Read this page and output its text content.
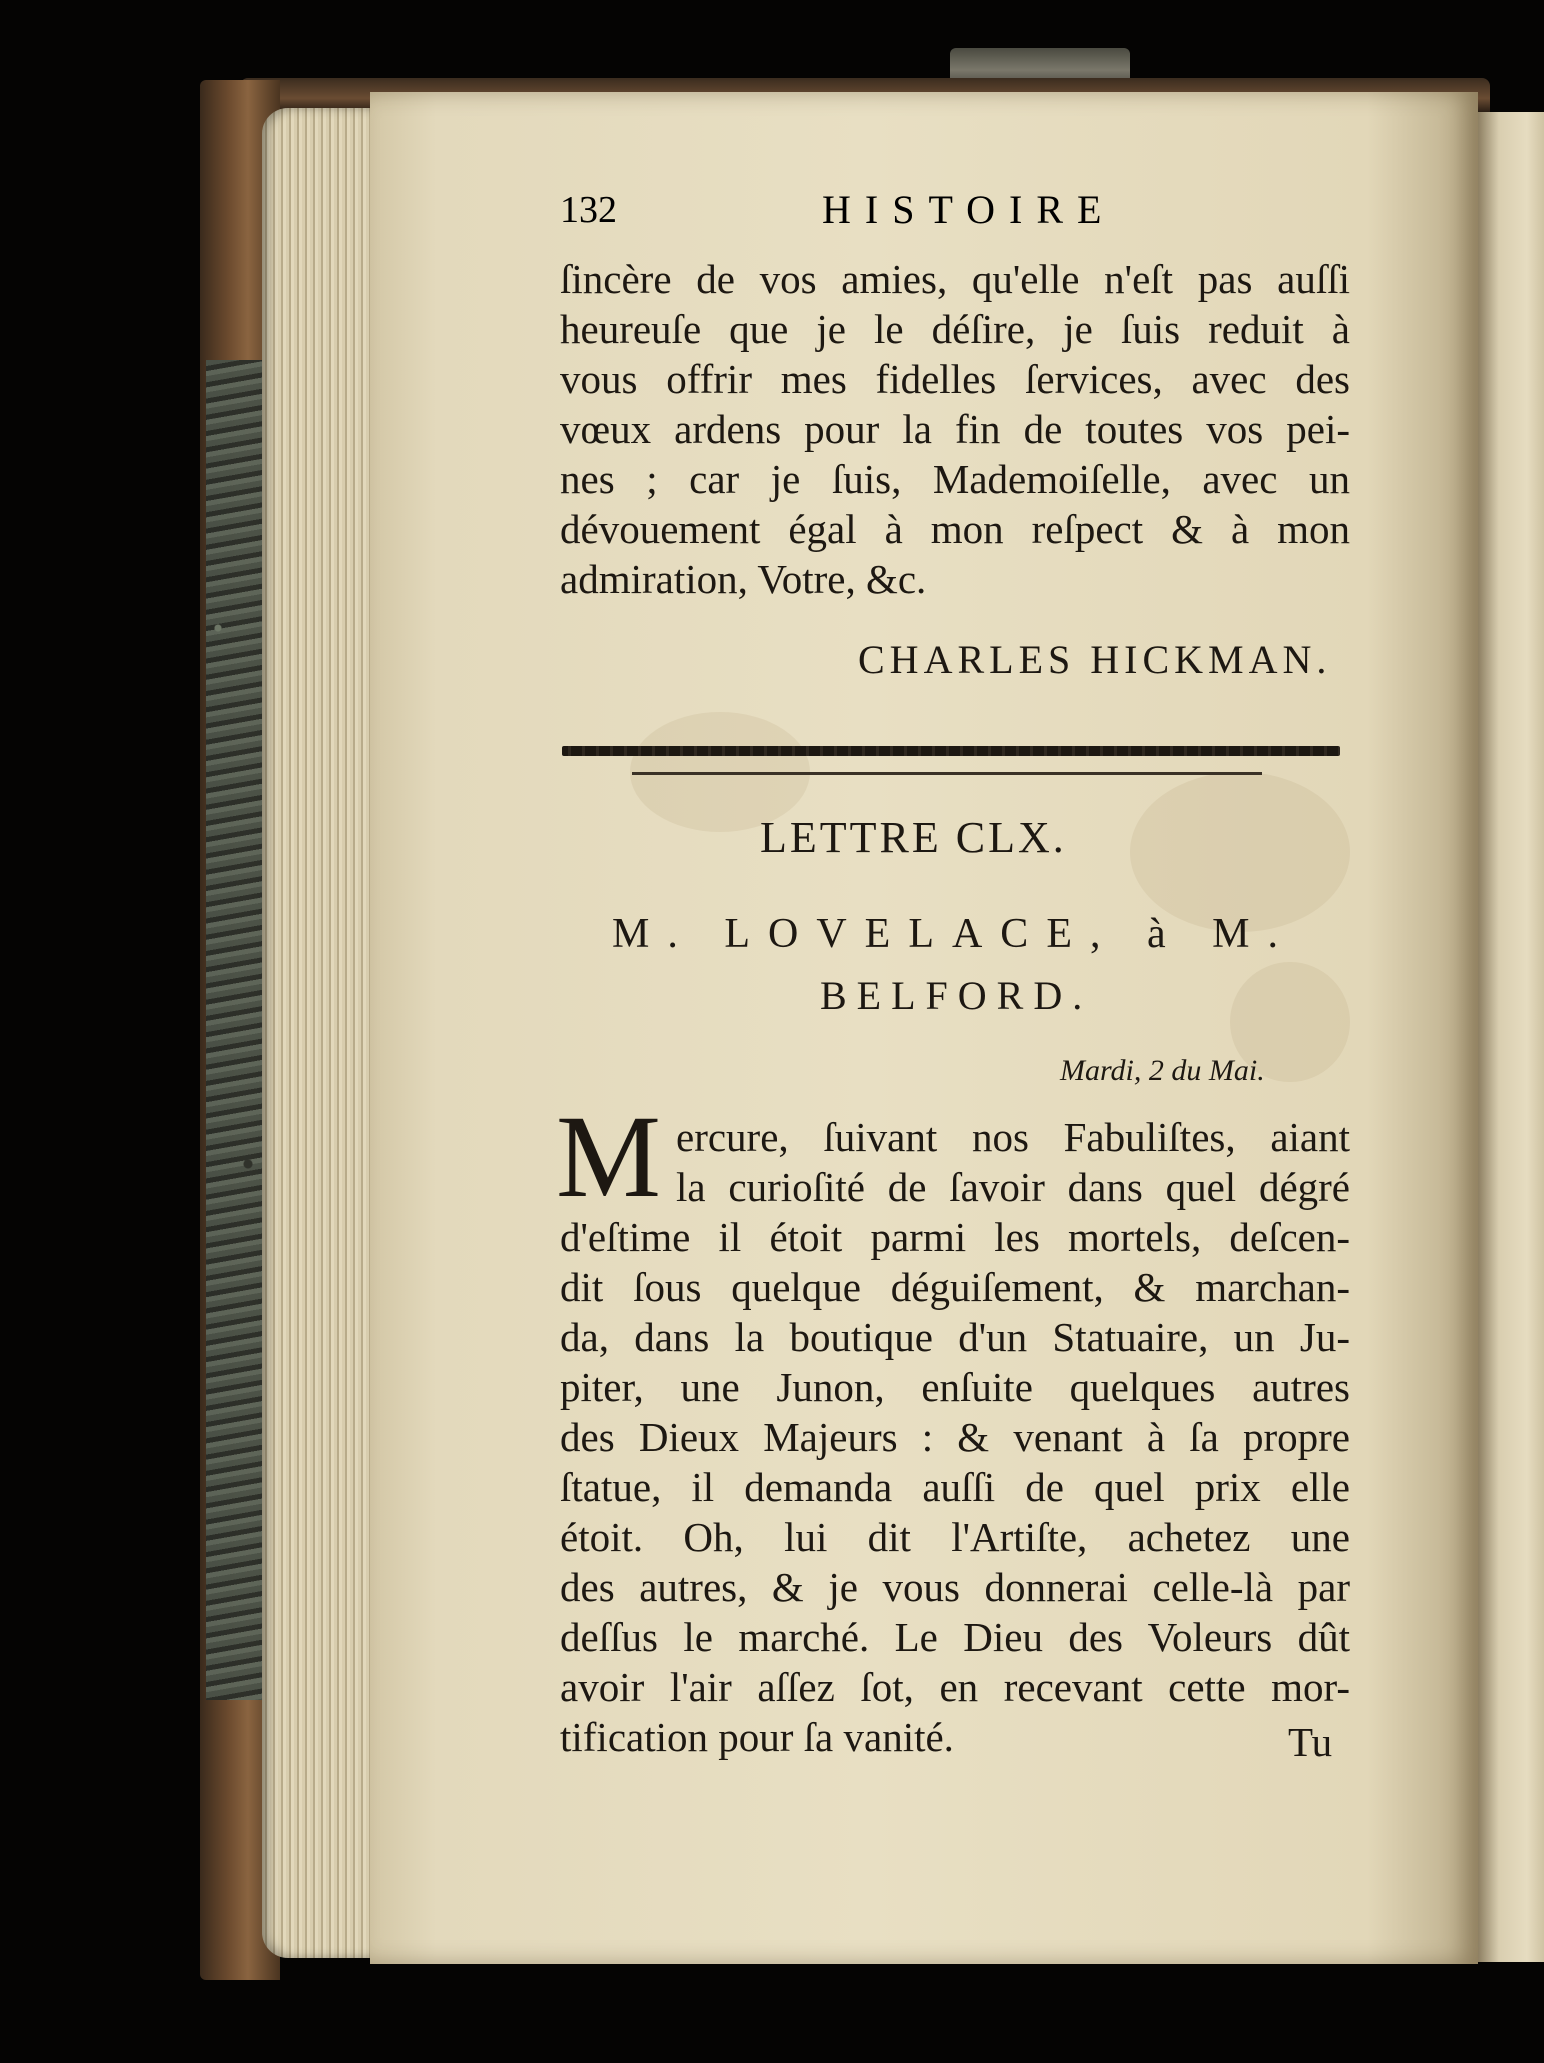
132	HISTOIRE
ſincère de vos amies, qu'elle n'eſt pas auſſi
heureuſe que je le déſire, je ſuis reduit à
vous offrir mes fidelles ſervices, avec des
vœux ardens pour la fin de toutes vos pei-
nes ; car je ſuis, Mademoiſelle, avec un
dévouement égal à mon reſpect & à mon
admiration, Votre, &c.
CHARLES HICKMAN.
LETTRE CLX.
M. LOVELACE, à M.
BELFORD.
Mardi, 2 du Mai.
M ercure, ſuivant nos Fabuliſtes, aiant
la curioſité de ſavoir dans quel dégré
d'eſtime il étoit parmi les mortels, deſcen-
dit ſous quelque déguiſement, & marchan-
da, dans la boutique d'un Statuaire, un Ju-
piter, une Junon, enſuite quelques autres
des Dieux Majeurs : & venant à ſa propre
ſtatue, il demanda auſſi de quel prix elle
étoit. Oh, lui dit l'Artiſte, achetez une
des autres, & je vous donnerai celle-là par
deſſus le marché. Le Dieu des Voleurs dût
avoir l'air aſſez ſot, en recevant cette mor-
tification pour ſa vanité.	Tu
